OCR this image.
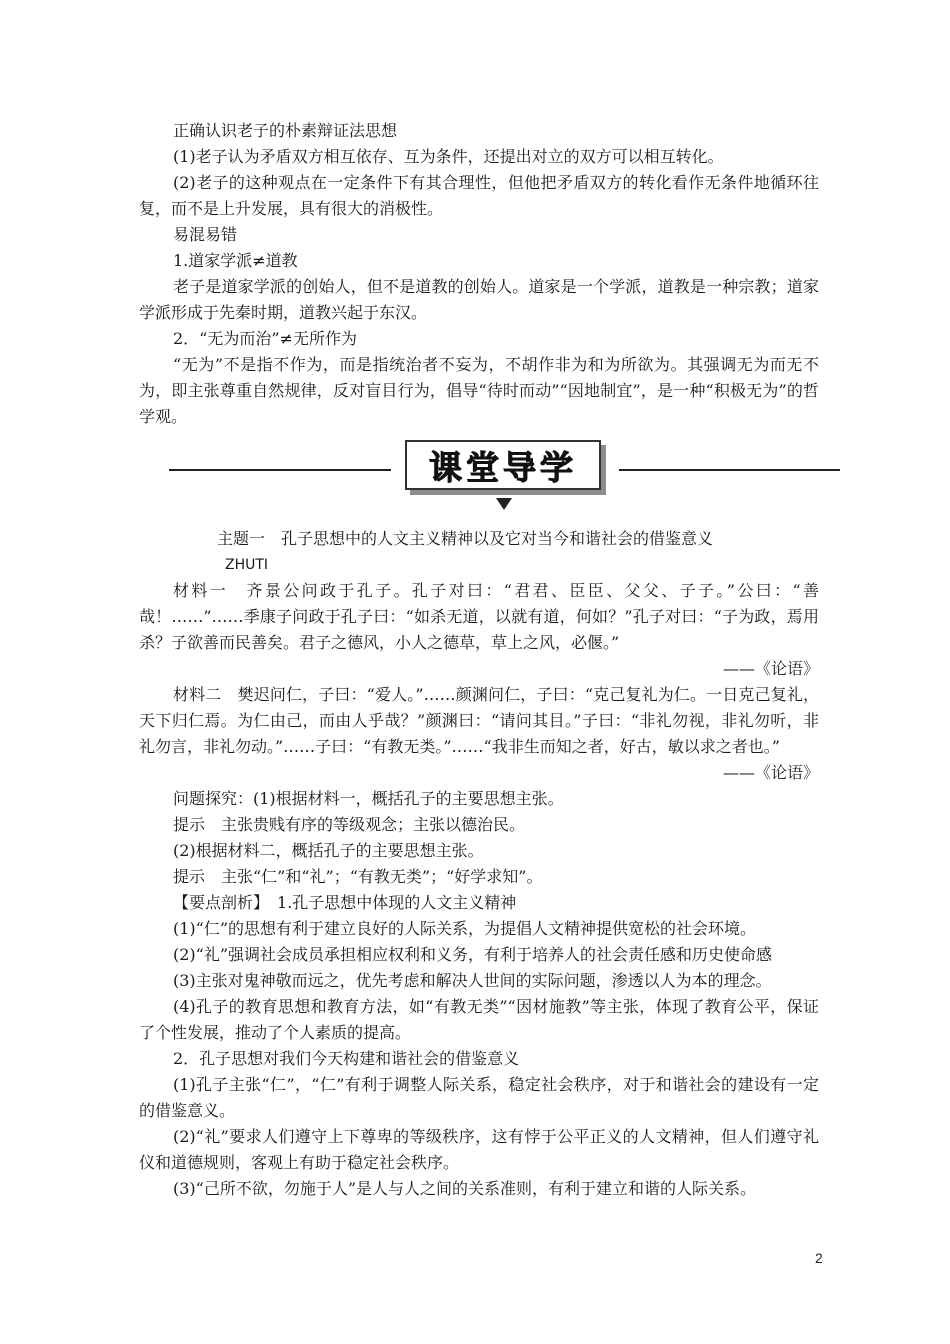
正确认识老子的朴素辩证法思想

(1)老子认为矛盾双方相互依存、互为条件，还提出对立的双方可以相互转化。

(2)老子的这种观点在一定条件下有其合理性，但他把矛盾双方的转化看作无条件地循环往复，而不是上升发展，具有很大的消极性。

易混易错

1.道家学派≠道教

老子是道家学派的创始人，但不是道教的创始人。道家是一个学派，道教是一种宗教；道家学派形成于先秦时期，道教兴起于东汉。

2．“无为而治”≠无所作为

“无为”不是指不作为，而是指统治者不妄为，不胡作非为和为所欲为。其强调无为而无不为，即主张尊重自然规律，反对盲目行为，倡导“待时而动”“因地制宜”，是一种“积极无为”的哲学观。

课堂导学

主题一　孔子思想中的人文主义精神以及它对当今和谐社会的借鉴意义

ZHUTI

材料一　齐景公问政于孔子。孔子对曰：“君君、臣臣、父父、子子。”公曰：“善哉！……”……季康子问政于孔子曰：“如杀无道，以就有道，何如？”孔子对曰：“子为政，焉用杀？子欲善而民善矣。君子之德风，小人之德草，草上之风，必偃。”

——《论语》

材料二　樊迟问仁，子曰：“爱人。”……颜渊问仁，子曰：“克己复礼为仁。一日克己复礼，天下归仁焉。为仁由己，而由人乎哉？”颜渊曰：“请问其目。”子曰：“非礼勿视，非礼勿听，非礼勿言，非礼勿动。”……子曰：“有教无类。”……“我非生而知之者，好古，敏以求之者也。”

——《论语》

问题探究：(1)根据材料一，概括孔子的主要思想主张。

提示　主张贵贱有序的等级观念；主张以德治民。

(2)根据材料二，概括孔子的主要思想主张。

提示　主张“仁”和“礼”；“有教无类”；“好学求知”。

【要点剖析】　 1.孔子思想中体现的人文主义精神

(1)“仁”的思想有利于建立良好的人际关系，为提倡人文精神提供宽松的社会环境。

(2)“礼”强调社会成员承担相应权利和义务，有利于培养人的社会责任感和历史使命感

(3)主张对鬼神敬而远之，优先考虑和解决人世间的实际问题，渗透以人为本的理念。

(4)孔子的教育思想和教育方法，如“有教无类”“因材施教”等主张，体现了教育公平，保证了个性发展，推动了个人素质的提高。

2．孔子思想对我们今天构建和谐社会的借鉴意义

(1)孔子主张“仁”，“仁”有利于调整人际关系，稳定社会秩序，对于和谐社会的建设有一定的借鉴意义。

(2)“礼”要求人们遵守上下尊卑的等级秩序，这有悖于公平正义的人文精神，但人们遵守礼仪和道德规则，客观上有助于稳定社会秩序。

(3)“己所不欲，勿施于人”是人与人之间的关系准则，有利于建立和谐的人际关系。

2
